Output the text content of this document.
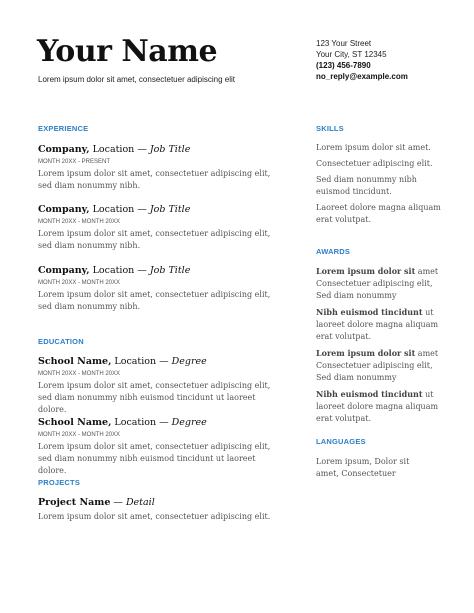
Your Name
Lorem ipsum dolor sit amet, consectetuer adipiscing elit
123 Your Street
Your City, ST 12345
(123) 456-7890
no_reply@example.com
EXPERIENCE
Company, Location — Job Title
MONTH 20XX - PRESENT
Lorem ipsum dolor sit amet, consectetuer adipiscing elit, sed diam nonummy nibh.
Company, Location — Job Title
MONTH 20XX - MONTH 20XX
Lorem ipsum dolor sit amet, consectetuer adipiscing elit, sed diam nonummy nibh.
Company, Location — Job Title
MONTH 20XX - MONTH 20XX
Lorem ipsum dolor sit amet, consectetuer adipiscing elit, sed diam nonummy nibh.
EDUCATION
School Name, Location — Degree
MONTH 20XX - MONTH 20XX
Lorem ipsum dolor sit amet, consectetuer adipiscing elit, sed diam nonummy nibh euismod tincidunt ut laoreet dolore.
School Name, Location — Degree
MONTH 20XX - MONTH 20XX
Lorem ipsum dolor sit amet, consectetuer adipiscing elit, sed diam nonummy nibh euismod tincidunt ut laoreet dolore.
PROJECTS
Project Name — Detail
Lorem ipsum dolor sit amet, consectetuer adipiscing elit.
SKILLS

Lorem ipsum dolor sit amet.

Consectetuer adipiscing elit.

Sed diam nonummy nibh euismod tincidunt.

Laoreet dolore magna aliquam erat volutpat.

AWARDS

Lorem ipsum dolor sit amet Consectetuer adipiscing elit, Sed diam nonummy

Nibh euismod tincidunt ut laoreet dolore magna aliquam erat volutpat.

Lorem ipsum dolor sit amet Consectetuer adipiscing elit, Sed diam nonummy

Nibh euismod tincidunt ut laoreet dolore magna aliquam erat volutpat.

LANGUAGES
Lorem ipsum, Dolor sit amet, Consectetuer
